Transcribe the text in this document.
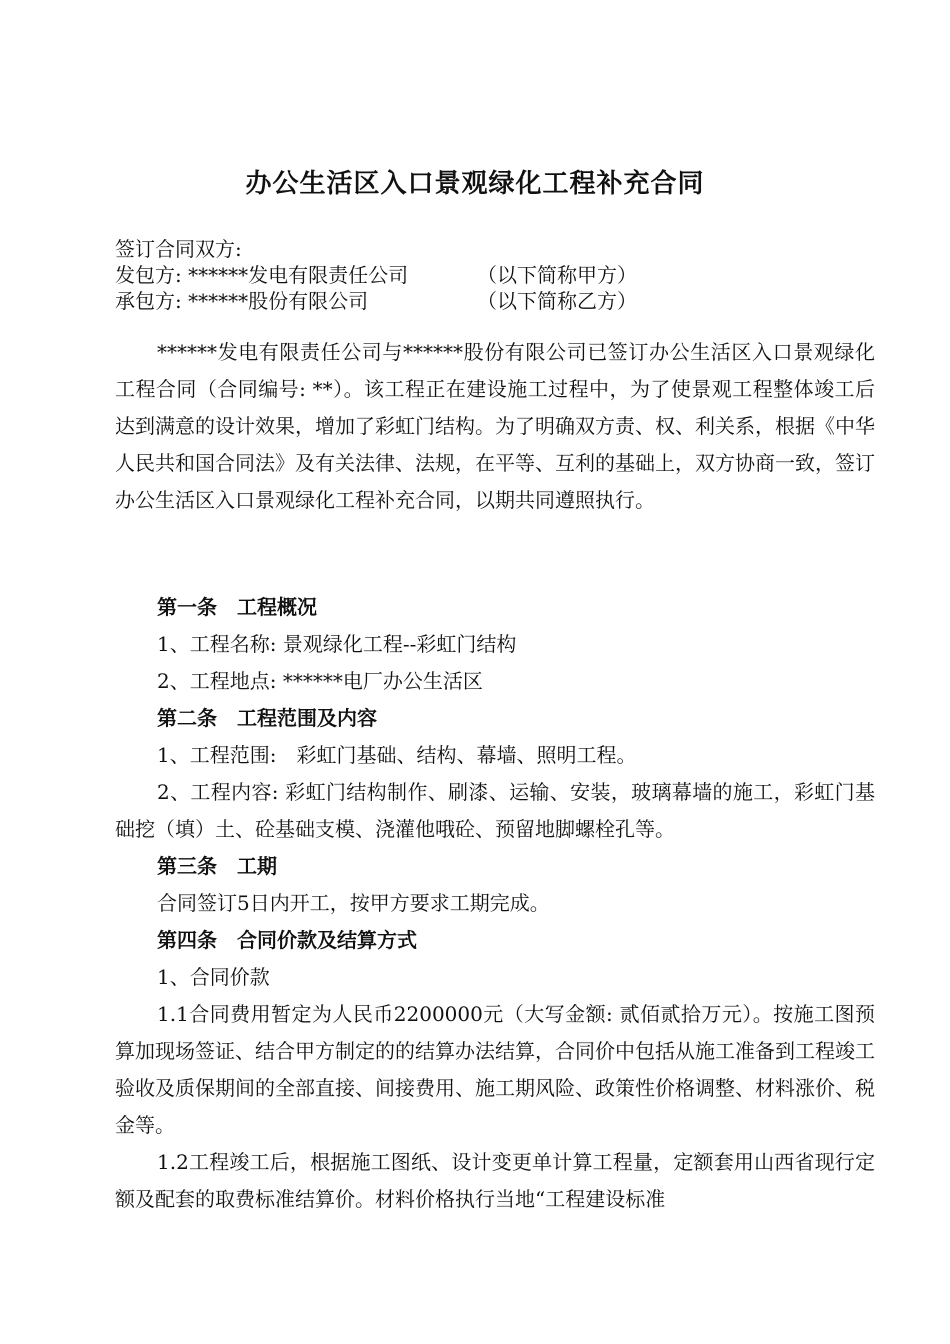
办公生活区入口景观绿化工程补充合同
签订合同双方:
发包方: ******发电有限责任公司	（以下简称甲方）
承包方: ******股份有限公司	（以下简称乙方）

******发电有限责任公司与******股份有限公司已签订办公生活区入口景观绿化工程合同（合同编号: **）。该工程正在建设施工过程中，为了使景观工程整体竣工后达到满意的设计效果，增加了彩虹门结构。为了明确双方责、权、利关系，根据《中华人民共和国合同法》及有关法律、法规，在平等、互利的基础上，双方协商一致，签订办公生活区入口景观绿化工程补充合同，以期共同遵照执行。

第一条　工程概况
1、工程名称: 景观绿化工程--彩虹门结构
2、工程地点: ******电厂办公生活区
第二条　工程范围及内容
1、工程范围:　彩虹门基础、结构、幕墙、照明工程。

2、工程内容: 彩虹门结构制作、刷漆、运输、安装，玻璃幕墙的施工，彩虹门基础挖（填）土、砼基础支模、浇灌他哦砼、预留地脚螺栓孔等。

第三条　工期
合同签订5日内开工，按甲方要求工期完成。
第四条　合同价款及结算方式
1、合同价款

1.1合同费用暂定为人民币2200000元（大写金额: 贰佰贰拾万元）。按施工图预算加现场签证、结合甲方制定的的结算办法结算，合同价中包括从施工准备到工程竣工验收及质保期间的全部直接、间接费用、施工期风险、政策性价格调整、材料涨价、税金等。

1.2工程竣工后，根据施工图纸、设计变更单计算工程量，定额套用山西省现行定额及配套的取费标准结算价。材料价格执行当地“工程建设标准
